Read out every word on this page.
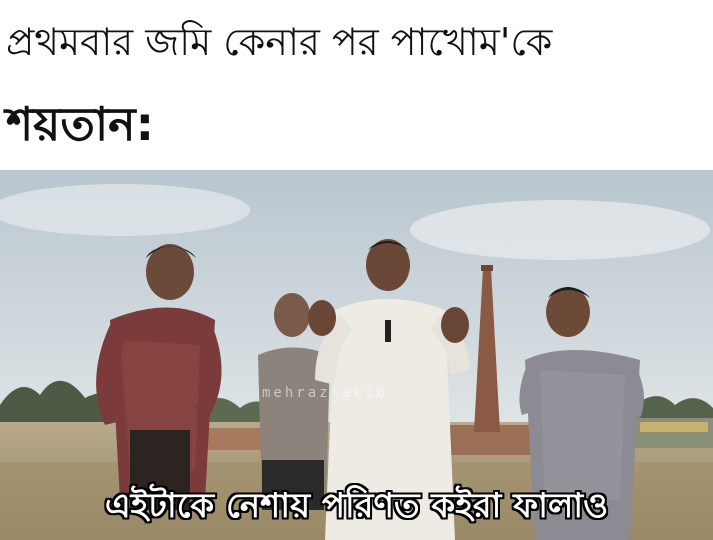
প্রথমবার জমি কেনার পর পাখোম'কে
শয়তান:
mehraz akib
এইটাকে নেশায় পরিণত কইরা ফালাও
